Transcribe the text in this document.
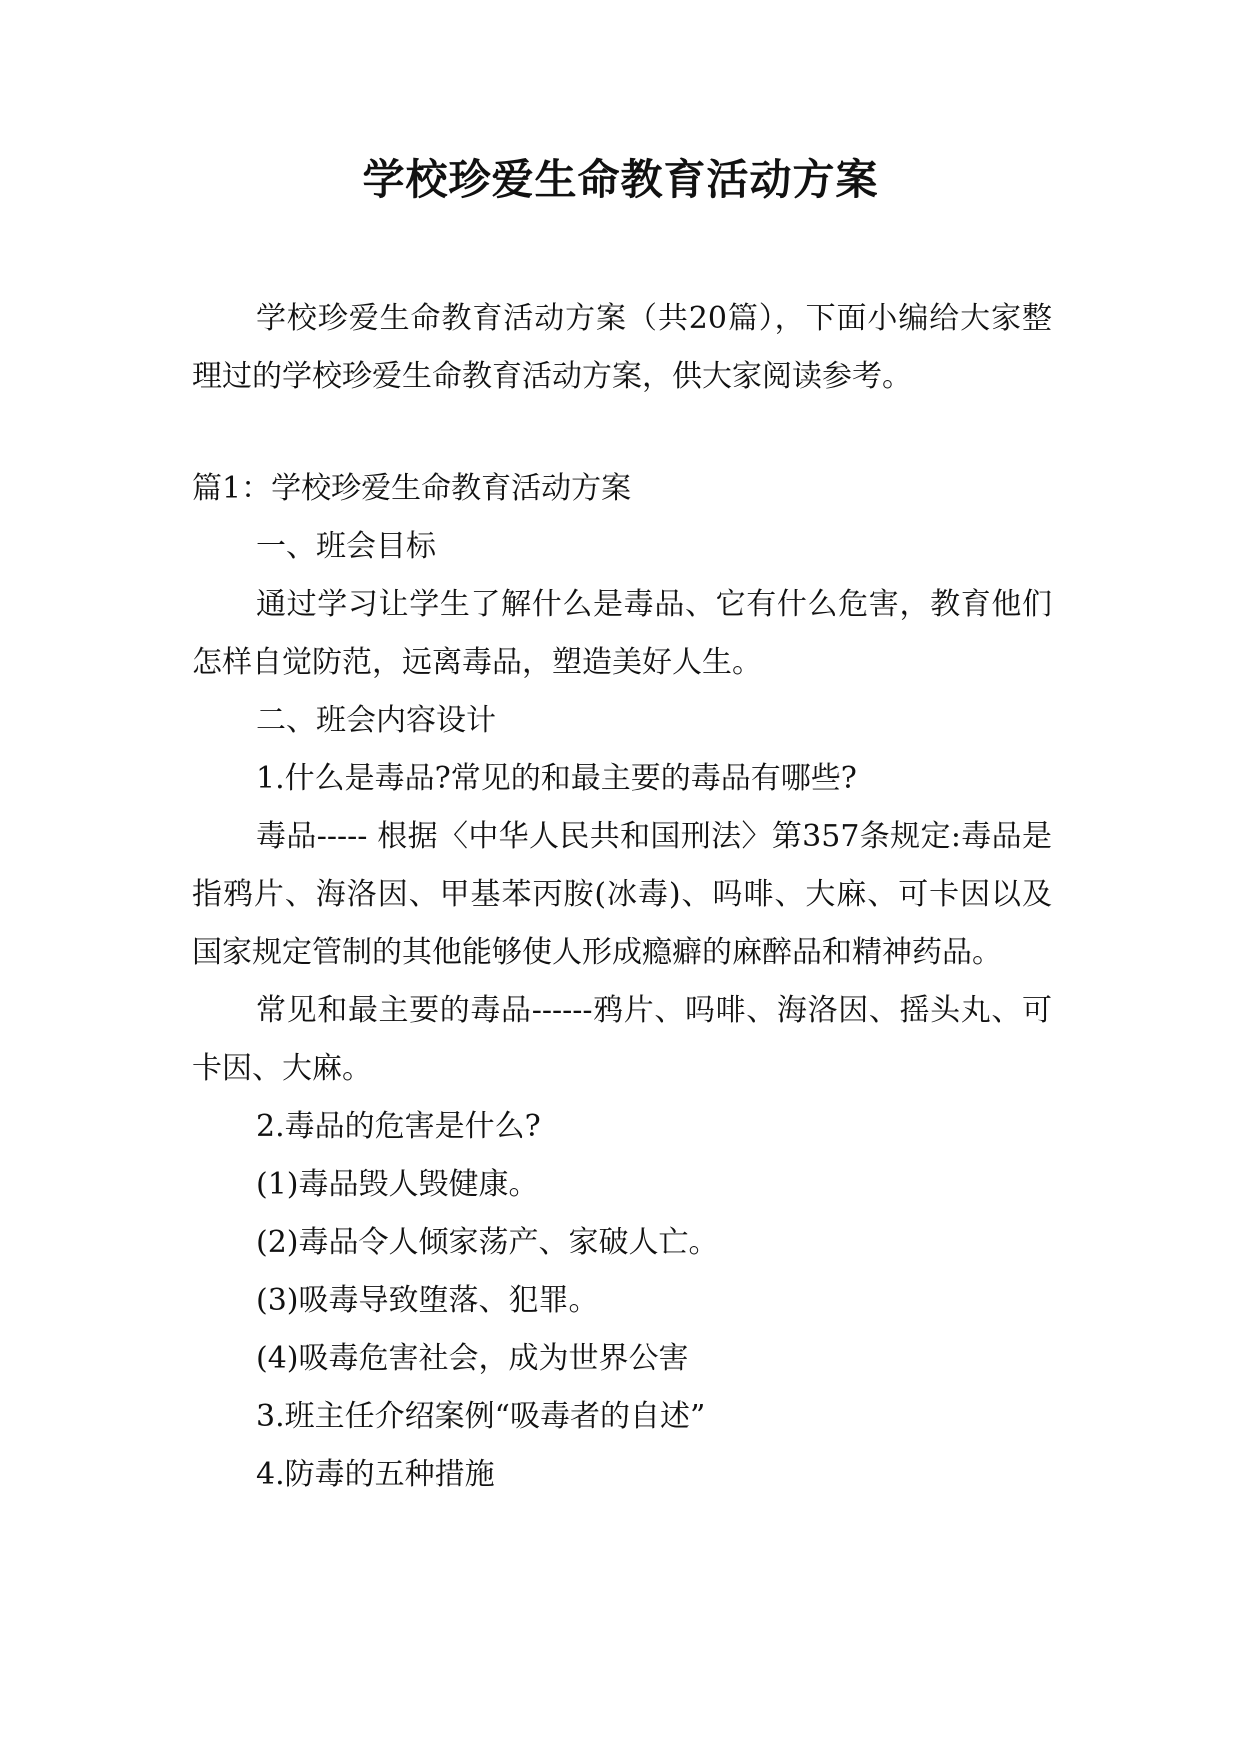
学校珍爱生命教育活动方案

学校珍爱生命教育活动方案（共20篇），下面小编给大家整理过的学校珍爱生命教育活动方案，供大家阅读参考。

篇1：学校珍爱生命教育活动方案

一、班会目标

通过学习让学生了解什么是毒品、它有什么危害，教育他们怎样自觉防范，远离毒品，塑造美好人生。

二、班会内容设计

1.什么是毒品?常见的和最主要的毒品有哪些?

毒品----- 根据〈中华人民共和国刑法〉第357条规定:毒品是指鸦片、海洛因、甲基苯丙胺(冰毒)、吗啡、大麻、可卡因以及国家规定管制的其他能够使人形成瘾癖的麻醉品和精神药品。

常见和最主要的毒品------鸦片、吗啡、海洛因、摇头丸、可卡因、大麻。

2.毒品的危害是什么?

(1)毒品毁人毁健康。

(2)毒品令人倾家荡产、家破人亡。

(3)吸毒导致堕落、犯罪。

(4)吸毒危害社会，成为世界公害

3.班主任介绍案例“吸毒者的自述”

4.防毒的五种措施
